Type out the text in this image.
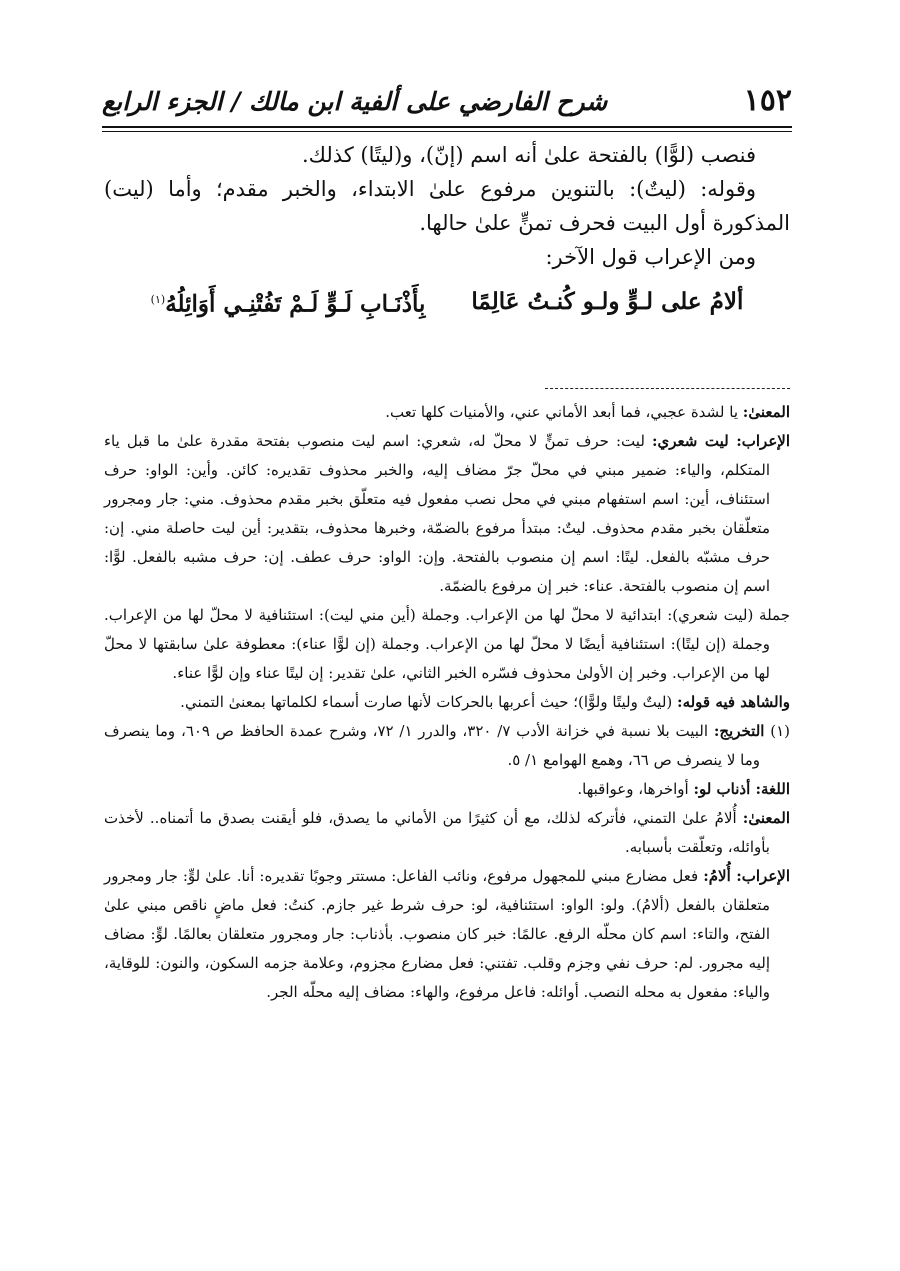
١٥٢
شرح الفارضي على ألفية ابن مالك / الجزء الرابع

فنصب (لوًّا) بالفتحة علىٰ أنه اسم (إنّ)، و(ليتًا) كذلك.

وقوله: (ليتٌ): بالتنوين مرفوع علىٰ الابتداء، والخبر مقدم؛ وأما (ليت) المذكورة أول البيت فحرف تمنٍّ علىٰ حالها.

ومن الإعراب قول الآخر:

ألامُ على لـوٍّ ولـو كُنـتُ عَالِمًا
بِأَذْنَـابِ لَـوٍّ لَـمْ تَفُتْنِـي أَوَائِلُهُ$^{(١)}$

المعنىٰ: يا لشدة عجبي، فما أبعد الأماني عني، والأمنيات كلها تعب.

الإعراب: ليت شعري: ليت: حرف تمنٍّ لا محلّ له، شعري: اسم ليت منصوب بفتحة مقدرة علىٰ ما قبل ياء المتكلم، والياء: ضمير مبني في محلّ جرّ مضاف إليه، والخبر محذوف تقديره: كائن. وأين: الواو: حرف استئناف، أين: اسم استفهام مبني في محل نصب مفعول فيه متعلّق بخبر مقدم محذوف. مني: جار ومجرور متعلّقان بخبر مقدم محذوف. ليتٌ: مبتدأ مرفوع بالضمّة، وخبرها محذوف، بتقدير: أين ليت حاصلة مني. إن: حرف مشبّه بالفعل. ليتًا: اسم إن منصوب بالفتحة. وإن: الواو: حرف عطف. إن: حرف مشبه بالفعل. لوًّا: اسم إن منصوب بالفتحة. عناء: خبر إن مرفوع بالضمّة.

جملة (ليت شعري): ابتدائية لا محلّ لها من الإعراب. وجملة (أين مني ليت): استئنافية لا محلّ لها من الإعراب. وجملة (إن ليتًا): استئنافية أيضًا لا محلّ لها من الإعراب. وجملة (إن لوًّا عناء): معطوفة علىٰ سابقتها لا محلّ لها من الإعراب. وخبر إن الأولىٰ محذوف فسّره الخبر الثاني، علىٰ تقدير: إن ليتًا عناء وإن لوًّا عناء.

والشاهد فيه قوله: (ليتٌ وليتًا ولوًّا)؛ حيث أعربها بالحركات لأنها صارت أسماء لكلماتها بمعنىٰ التمني.

(١) التخريج: البيت بلا نسبة في خزانة الأدب ٧/ ٣٢٠، والدرر ١/ ٧٢، وشرح عمدة الحافظ ص ٦٠٩، وما ينصرف وما لا ينصرف ص ٦٦، وهمع الهوامع ١/ ٥.

اللغة: أذناب لو: أواخرها، وعواقبها.

المعنىٰ: أُلامُ علىٰ التمني، فأتركه لذلك، مع أن كثيرًا من الأماني ما يصدق، فلو أيقنت بصدق ما أتمناه.. لأخذت بأوائله، وتعلّقت بأسبابه.

الإعراب: أُلامُ: فعل مضارع مبني للمجهول مرفوع، ونائب الفاعل: مستتر وجوبًا تقديره: أنا. علىٰ لوٍّ: جار ومجرور متعلقان بالفعل (ألامُ). ولو: الواو: استئنافية، لو: حرف شرط غير جازم. كنتُ: فعل ماضٍ ناقص مبني علىٰ الفتح، والتاء: اسم كان محلّه الرفع. عالمًا: خبر كان منصوب. بأذناب: جار ومجرور متعلقان بعالمًا. لوٍّ: مضاف إليه مجرور. لم: حرف نفي وجزم وقلب. تفتني: فعل مضارع مجزوم، وعلامة جزمه السكون، والنون: للوقاية، والياء: مفعول به محله النصب. أوائله: فاعل مرفوع، والهاء: مضاف إليه محلّه الجر.
